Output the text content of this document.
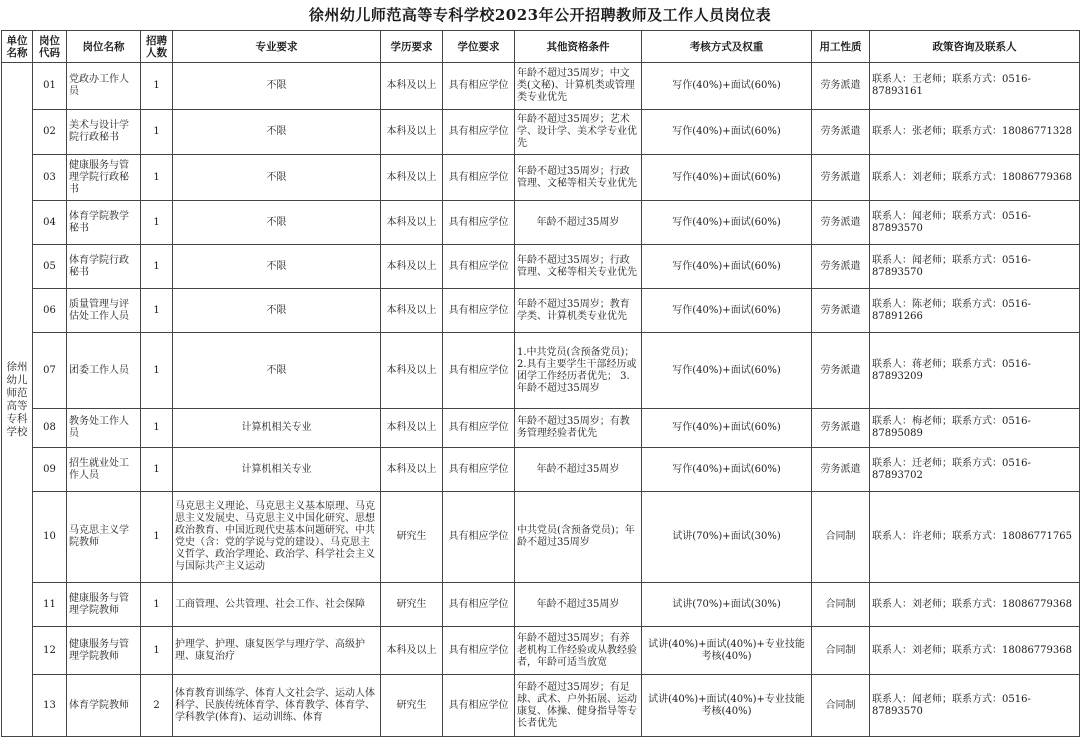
徐州幼儿师范高等专科学校2023年公开招聘教师及工作人员岗位表
单位名称	岗位代码	岗位名称	招聘人数	专业要求	学历要求	学位要求	其他资格条件	考核方式及权重	用工性质	政策咨询及联系人
徐州幼儿师范高等专科学校	01	党政办工作人员	1	不限	本科及以上	具有相应学位	年龄不超过35周岁；中文类(文秘)、计算机类或管理类专业优先	写作(40%)+面试(60%)	劳务派遣	联系人：王老师；联系方式：0516-87893161
	02	美术与设计学院行政秘书	1	不限	本科及以上	具有相应学位	年龄不超过35周岁；艺术学、设计学、美术学专业优先	写作(40%)+面试(60%)	劳务派遣	联系人：张老师；联系方式：18086771328
	03	健康服务与管理学院行政秘书	1	不限	本科及以上	具有相应学位	年龄不超过35周岁；行政管理、文秘等相关专业优先	写作(40%)+面试(60%)	劳务派遣	联系人：刘老师；联系方式：18086779368
	04	体育学院教学秘书	1	不限	本科及以上	具有相应学位	年龄不超过35周岁	写作(40%)+面试(60%)	劳务派遣	联系人：闻老师；联系方式：0516-87893570
	05	体育学院行政秘书	1	不限	本科及以上	具有相应学位	年龄不超过35周岁；行政管理、文秘等相关专业优先	写作(40%)+面试(60%)	劳务派遣	联系人：闻老师；联系方式：0516-87893570
	06	质量管理与评估处工作人员	1	不限	本科及以上	具有相应学位	年龄不超过35周岁；教育学类、计算机类专业优先	写作(40%)+面试(60%)	劳务派遣	联系人：陈老师；联系方式：0516-87891266
	07	团委工作人员	1	不限	本科及以上	具有相应学位	1.中共党员(含预备党员)； 2.具有主要学生干部经历或团学工作经历者优先； 3.年龄不超过35周岁	写作(40%)+面试(60%)	劳务派遣	联系人：蒋老师；联系方式：0516-87893209
	08	教务处工作人员	1	计算机相关专业	本科及以上	具有相应学位	年龄不超过35周岁；有教务管理经验者优先	写作(40%)+面试(60%)	劳务派遣	联系人：梅老师；联系方式：0516-87895089
	09	招生就业处工作人员	1	计算机相关专业	本科及以上	具有相应学位	年龄不超过35周岁	写作(40%)+面试(60%)	劳务派遣	联系人：迁老师；联系方式：0516-87893702
	10	马克思主义学院教师	1	马克思主义理论、马克思主义基本原理、马克思主义发展史、马克思主义中国化研究、思想政治教育、中国近现代史基本问题研究、中共党史（含：党的学说与党的建设）、马克思主义哲学、政治学理论、政治学、科学社会主义与国际共产主义运动	研究生	具有相应学位	中共党员(含预备党员)；年龄不超过35周岁	试讲(70%)+面试(30%)	合同制	联系人：许老师；联系方式：18086771765
	11	健康服务与管理学院教师	1	工商管理、公共管理、社会工作、社会保障	研究生	具有相应学位	年龄不超过35周岁	试讲(70%)+面试(30%)	合同制	联系人：刘老师；联系方式：18086779368
	12	健康服务与管理学院教师	1	护理学、护理、康复医学与理疗学、高级护理、康复治疗	本科及以上	具有相应学位	年龄不超过35周岁；有养老机构工作经验或从教经验者，年龄可适当放宽	试讲(40%)+面试(40%)+专业技能考核(40%)	合同制	联系人：刘老师；联系方式：18086779368
	13	体育学院教师	2	体育教育训练学、体育人文社会学、运动人体科学、民族传统体育学、体育教学、体育学、学科教学(体育)、运动训练、体育	研究生	具有相应学位	年龄不超过35周岁；有足球、武术、户外拓展、运动康复、体操、健身指导等专长者优先	试讲(40%)+面试(40%)+专业技能考核(40%)	合同制	联系人：闻老师；联系方式：0516-87893570
